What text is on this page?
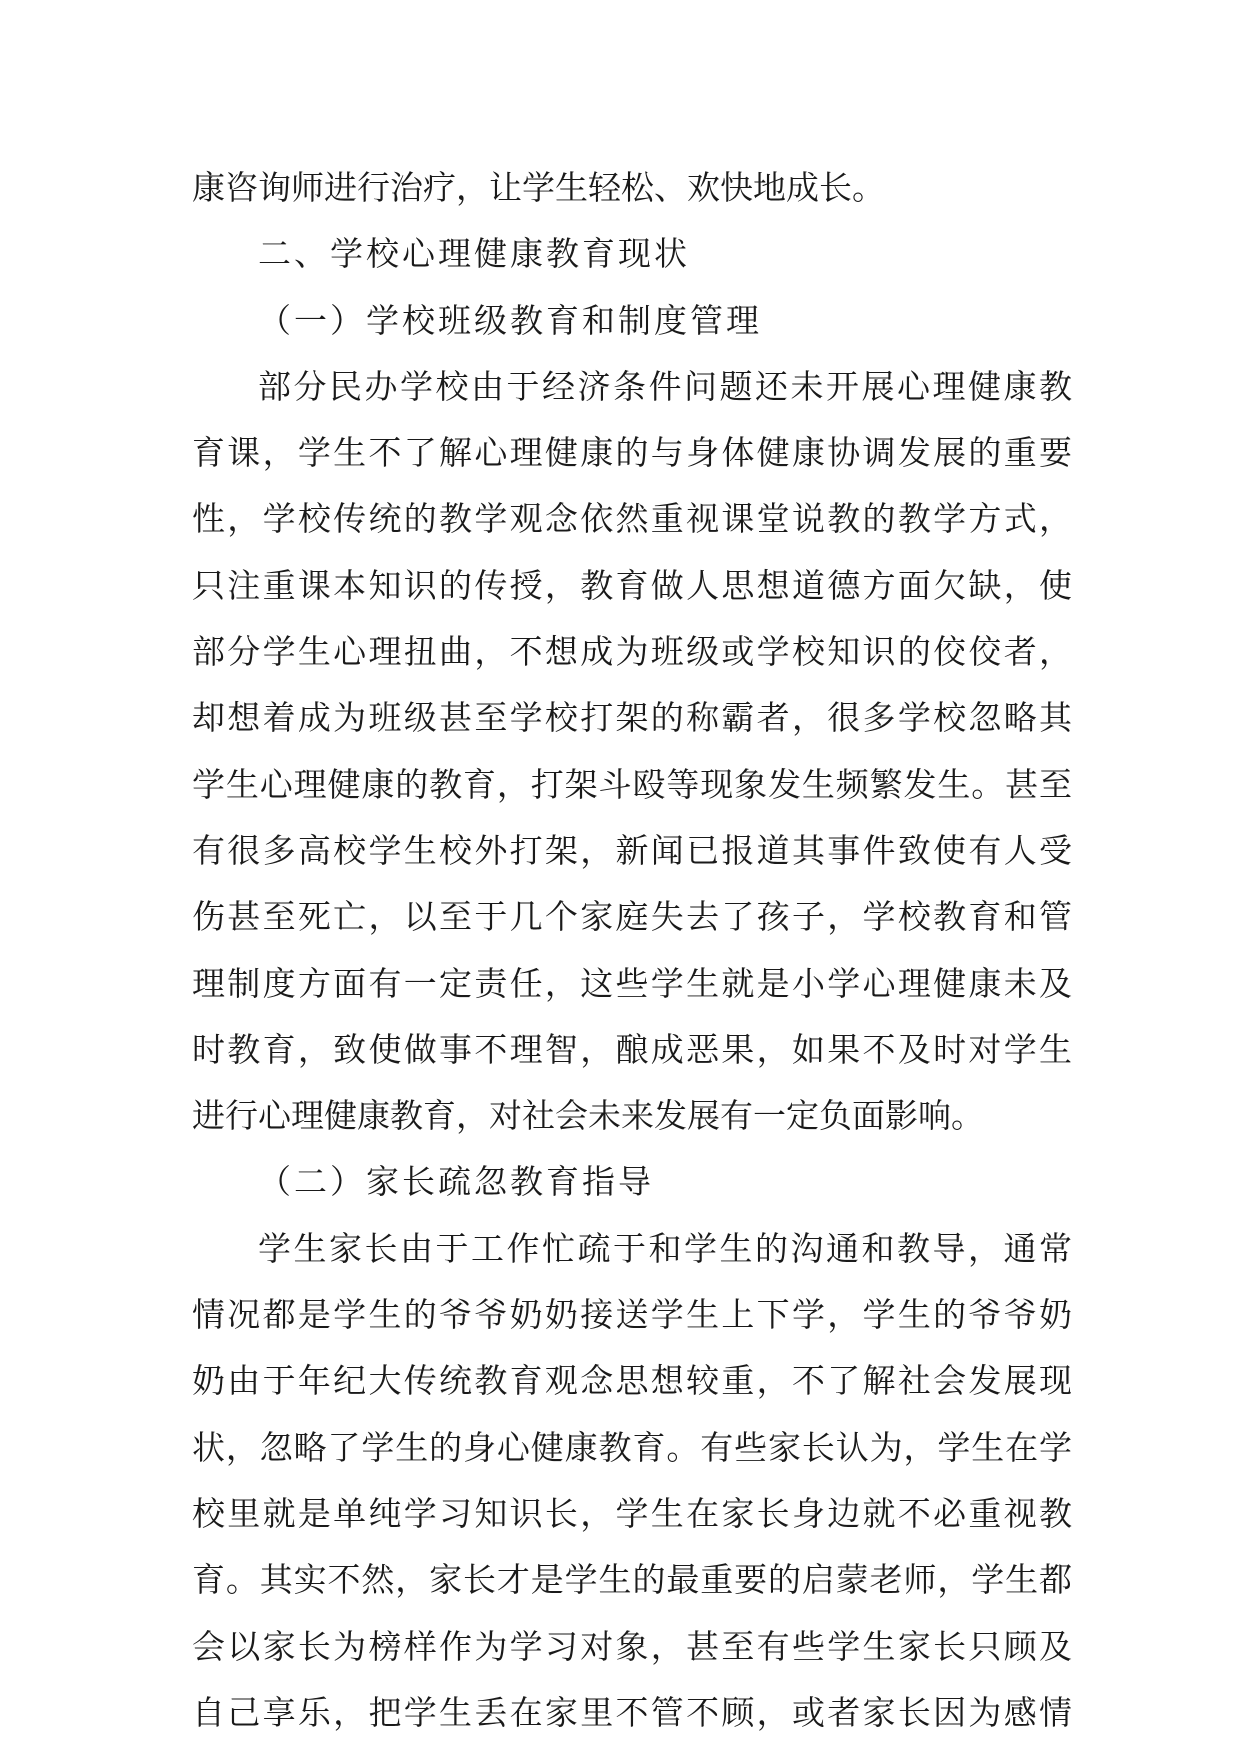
康咨询师进行治疗，让学生轻松、欢快地成长。
二、学校心理健康教育现状
（一）学校班级教育和制度管理
部分民办学校由于经济条件问题还未开展心理健康教
育课，学生不了解心理健康的与身体健康协调发展的重要
性，学校传统的教学观念依然重视课堂说教的教学方式，
只注重课本知识的传授，教育做人思想道德方面欠缺，使
部分学生心理扭曲，不想成为班级或学校知识的佼佼者，
却想着成为班级甚至学校打架的称霸者，很多学校忽略其
学生心理健康的教育，打架斗殴等现象发生频繁发生。甚至
有很多高校学生校外打架，新闻已报道其事件致使有人受
伤甚至死亡，以至于几个家庭失去了孩子，学校教育和管
理制度方面有一定责任，这些学生就是小学心理健康未及
时教育，致使做事不理智，酿成恶果，如果不及时对学生
进行心理健康教育，对社会未来发展有一定负面影响。
（二）家长疏忽教育指导
学生家长由于工作忙疏于和学生的沟通和教导，通常
情况都是学生的爷爷奶奶接送学生上下学，学生的爷爷奶
奶由于年纪大传统教育观念思想较重，不了解社会发展现
状，忽略了学生的身心健康教育。有些家长认为，学生在学
校里就是单纯学习知识长，学生在家长身边就不必重视教
育。其实不然，家长才是学生的最重要的启蒙老师，学生都
会以家长为榜样作为学习对象，甚至有些学生家长只顾及
自己享乐，把学生丢在家里不管不顾，或者家长因为感情
